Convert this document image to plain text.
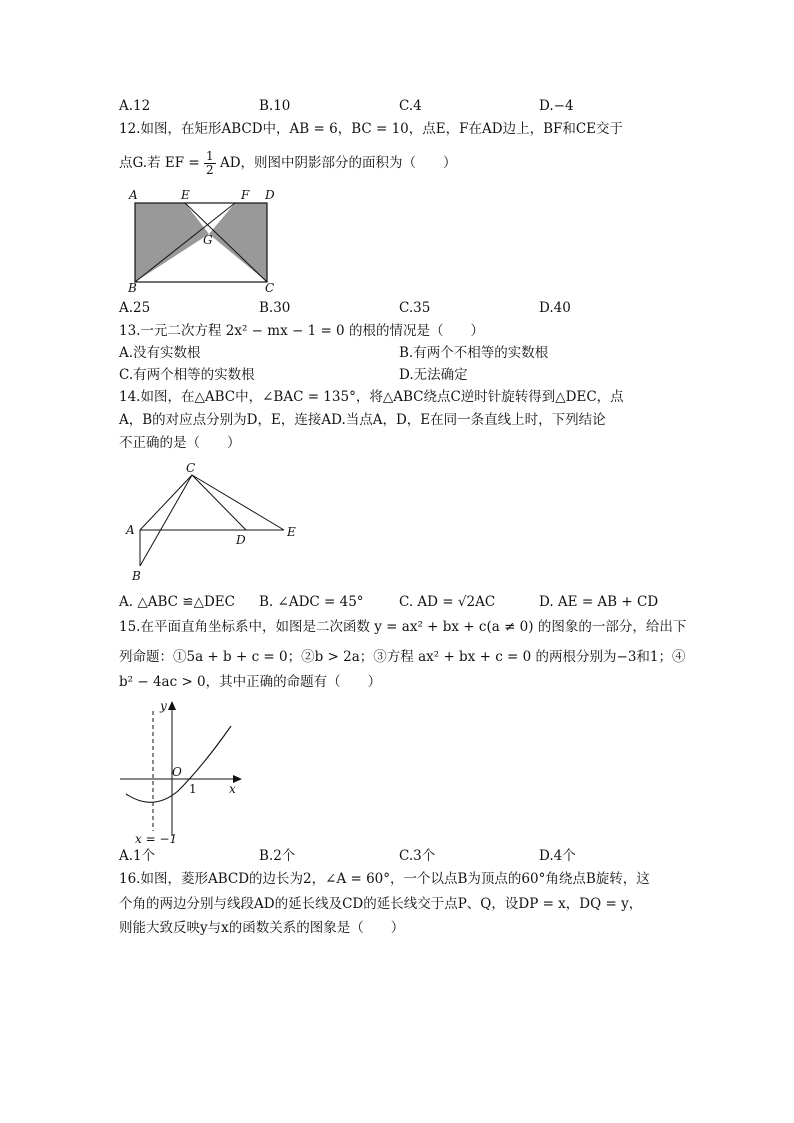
A.12	B.10	C.4	D.−4
12.如图，在矩形ABCD中，AB = 6，BC = 10，点E，F在AD边上，BF和CE交于
点G.若 EF = $\frac{1}{2}$ AD，则图中阴影部分的面积为（　　）
A	E	F D
G
B	C
A.25	B.30	C.35	D.40
13.一元二次方程 2x² − mx − 1 = 0 的根的情况是（　　）
A.没有实数根	B.有两个不相等的实数根
C.有两个相等的实数根	D.无法确定
14.如图，在△ABC中，∠BAC = 135°，将△ABC绕点C逆时针旋转得到△DEC，点
A，B的对应点分别为D，E，连接AD.当点A，D，E在同一条直线上时，下列结论
不正确的是（　　）
C
A
D
E
B
A. △ABC ≌△DEC B. ∠ADC = 45°	C. AD = √2AC	D. AE = AB + CD
15.在平面直角坐标系中，如图是二次函数 y = ax² + bx + c(a ≠ 0) 的图象的一部分，给出下
列命题：①5a + b + c = 0；②b > 2a；③方程 ax² + bx + c = 0 的两根分别为−3和1；④
b² − 4ac > 0，其中正确的命题有（　　）
y
O
1	x
x = −1
A.1个	B.2个	C.3个	D.4个
16.如图，菱形ABCD的边长为2，∠A = 60°，一个以点B为顶点的60°角绕点B旋转，这
个角的两边分别与线段AD的延长线及CD的延长线交于点P、Q，设DP = x，DQ = y，
则能大致反映y与x的函数关系的图象是（　　）
